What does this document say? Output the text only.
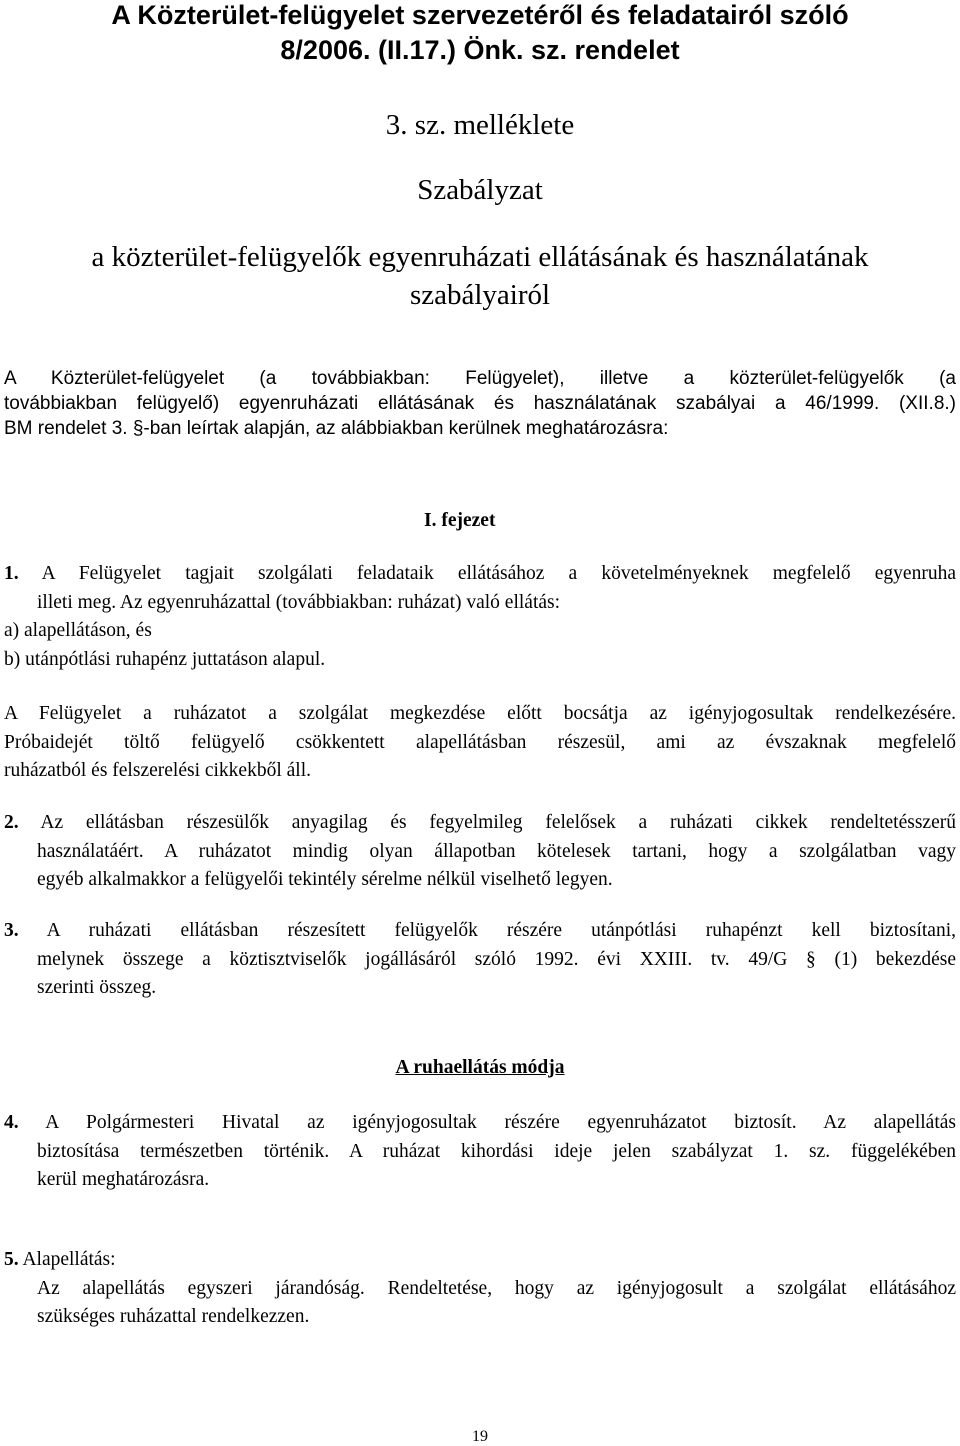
A Közterület-felügyelet szervezetéről és feladatairól szóló

8/2006. (II.17.) Önk. sz. rendelet

3. sz. melléklete

Szabályzat

a közterület-felügyelők egyenruházati ellátásának és használatának

szabályairól

A Közterület-felügyelet (a továbbiakban: Felügyelet), illetve a közterület-felügyelők (a
továbbiakban felügyelő) egyenruházati ellátásának és használatának szabályai a 46/1999. (XII.8.)
BM rendelet 3. §-ban leírtak alapján, az alábbiakban kerülnek meghatározásra:
I. fejezet
1. A Felügyelet tagjait szolgálati feladataik ellátásához a követelményeknek megfelelő egyenruha
illeti meg. Az egyenruházattal (továbbiakban: ruházat) való ellátás:
a) alapellátáson, és
b) utánpótlási ruhapénz juttatáson alapul.
A Felügyelet a ruházatot a szolgálat megkezdése előtt bocsátja az igényjogosultak rendelkezésére.
Próbaidejét töltő felügyelő csökkentett alapellátásban részesül, ami az évszaknak megfelelő
ruházatból és felszerelési cikkekből áll.
2. Az ellátásban részesülők anyagilag és fegyelmileg felelősek a ruházati cikkek rendeltetésszerű
használatáért. A ruházatot mindig olyan állapotban kötelesek tartani, hogy a szolgálatban vagy
egyéb alkalmakkor a felügyelői tekintély sérelme nélkül viselhető legyen.
3. A ruházati ellátásban részesített felügyelők részére utánpótlási ruhapénzt kell biztosítani,
melynek összege a köztisztviselők jogállásáról szóló 1992. évi XXIII. tv. 49/G § (1) bekezdése
szerinti összeg.
A ruhaellátás módja
4. A Polgármesteri Hivatal az igényjogosultak részére egyenruházatot biztosít. Az alapellátás
biztosítása természetben történik. A ruházat kihordási ideje jelen szabályzat 1. sz. függelékében
kerül meghatározásra.
5. Alapellátás:
Az alapellátás egyszeri járandóság. Rendeltetése, hogy az igényjogosult a szolgálat ellátásához
szükséges ruházattal rendelkezzen.
19
